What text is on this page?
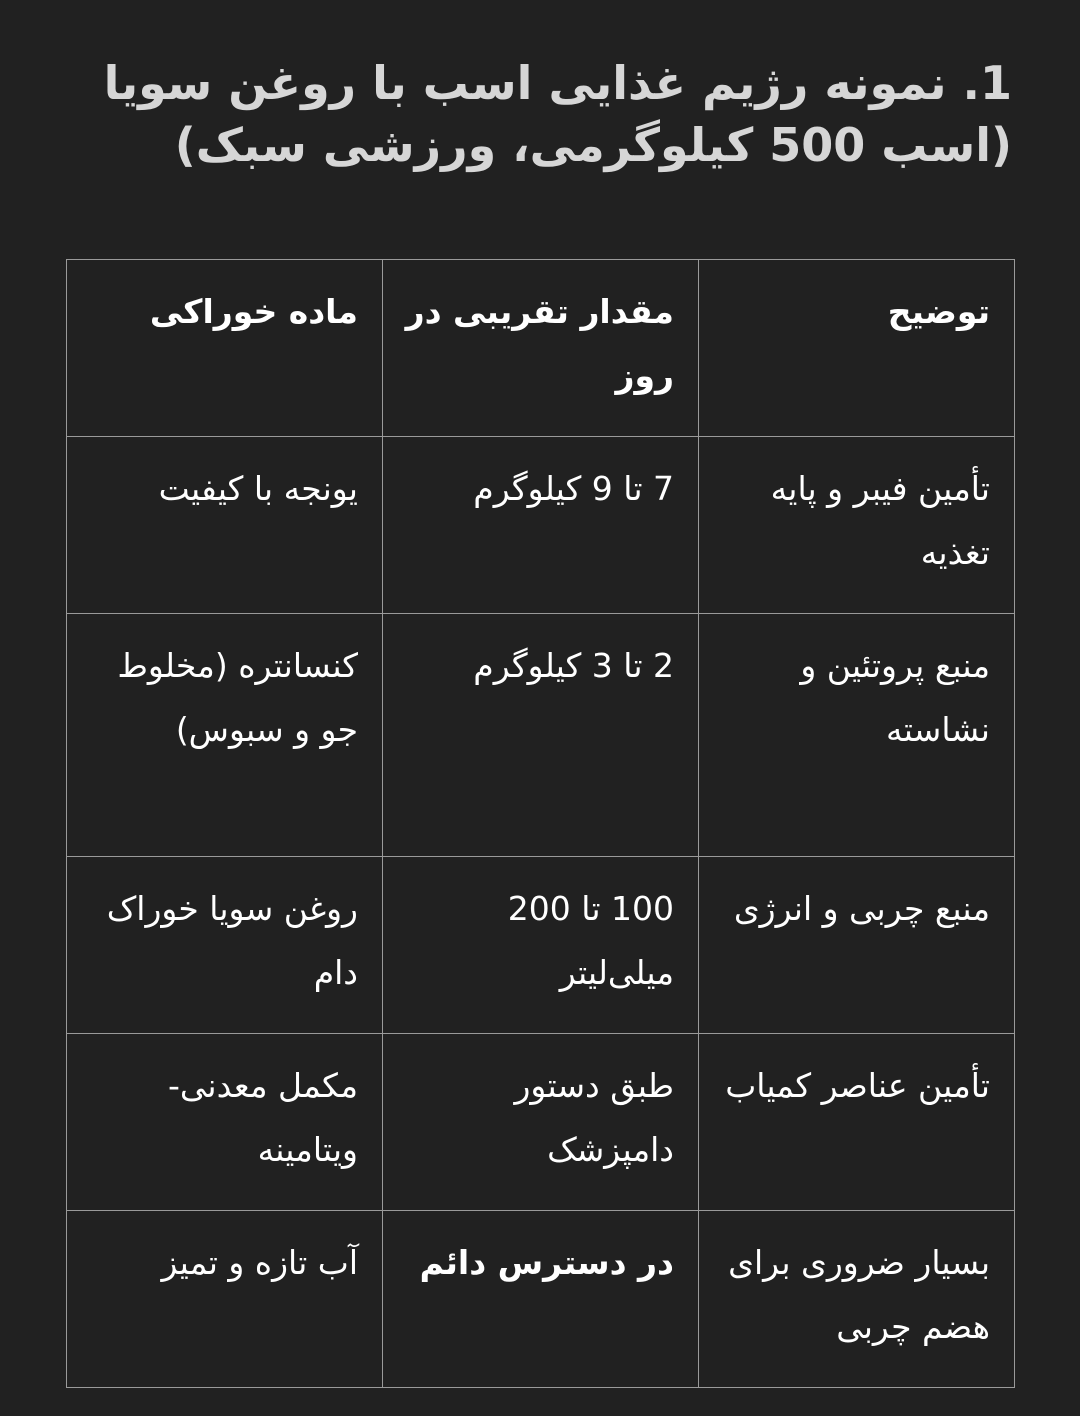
1. نمونه رژیم غذایی اسب با روغن سویا (اسب 500 کیلوگرمی، ورزشی سبک)
توضیح	مقدار تقریبی در روز	ماده خوراکی
تأمین فیبر و پایه تغذیه	7 تا 9 کیلوگرم	یونجه با کیفیت
منبع پروتئین و نشاسته	2 تا 3 کیلوگرم	کنسانتره (مخلوط جو و سبوس)
منبع چربی و انرژی	100 تا 200 میلی‌لیتر	روغن سویا خوراک دام
تأمین عناصر کمیاب	طبق دستور دامپزشک	مکمل معدنی-ویتامینه
بسیار ضروری برای هضم چربی	در دسترس دائم	آب تازه و تمیز
